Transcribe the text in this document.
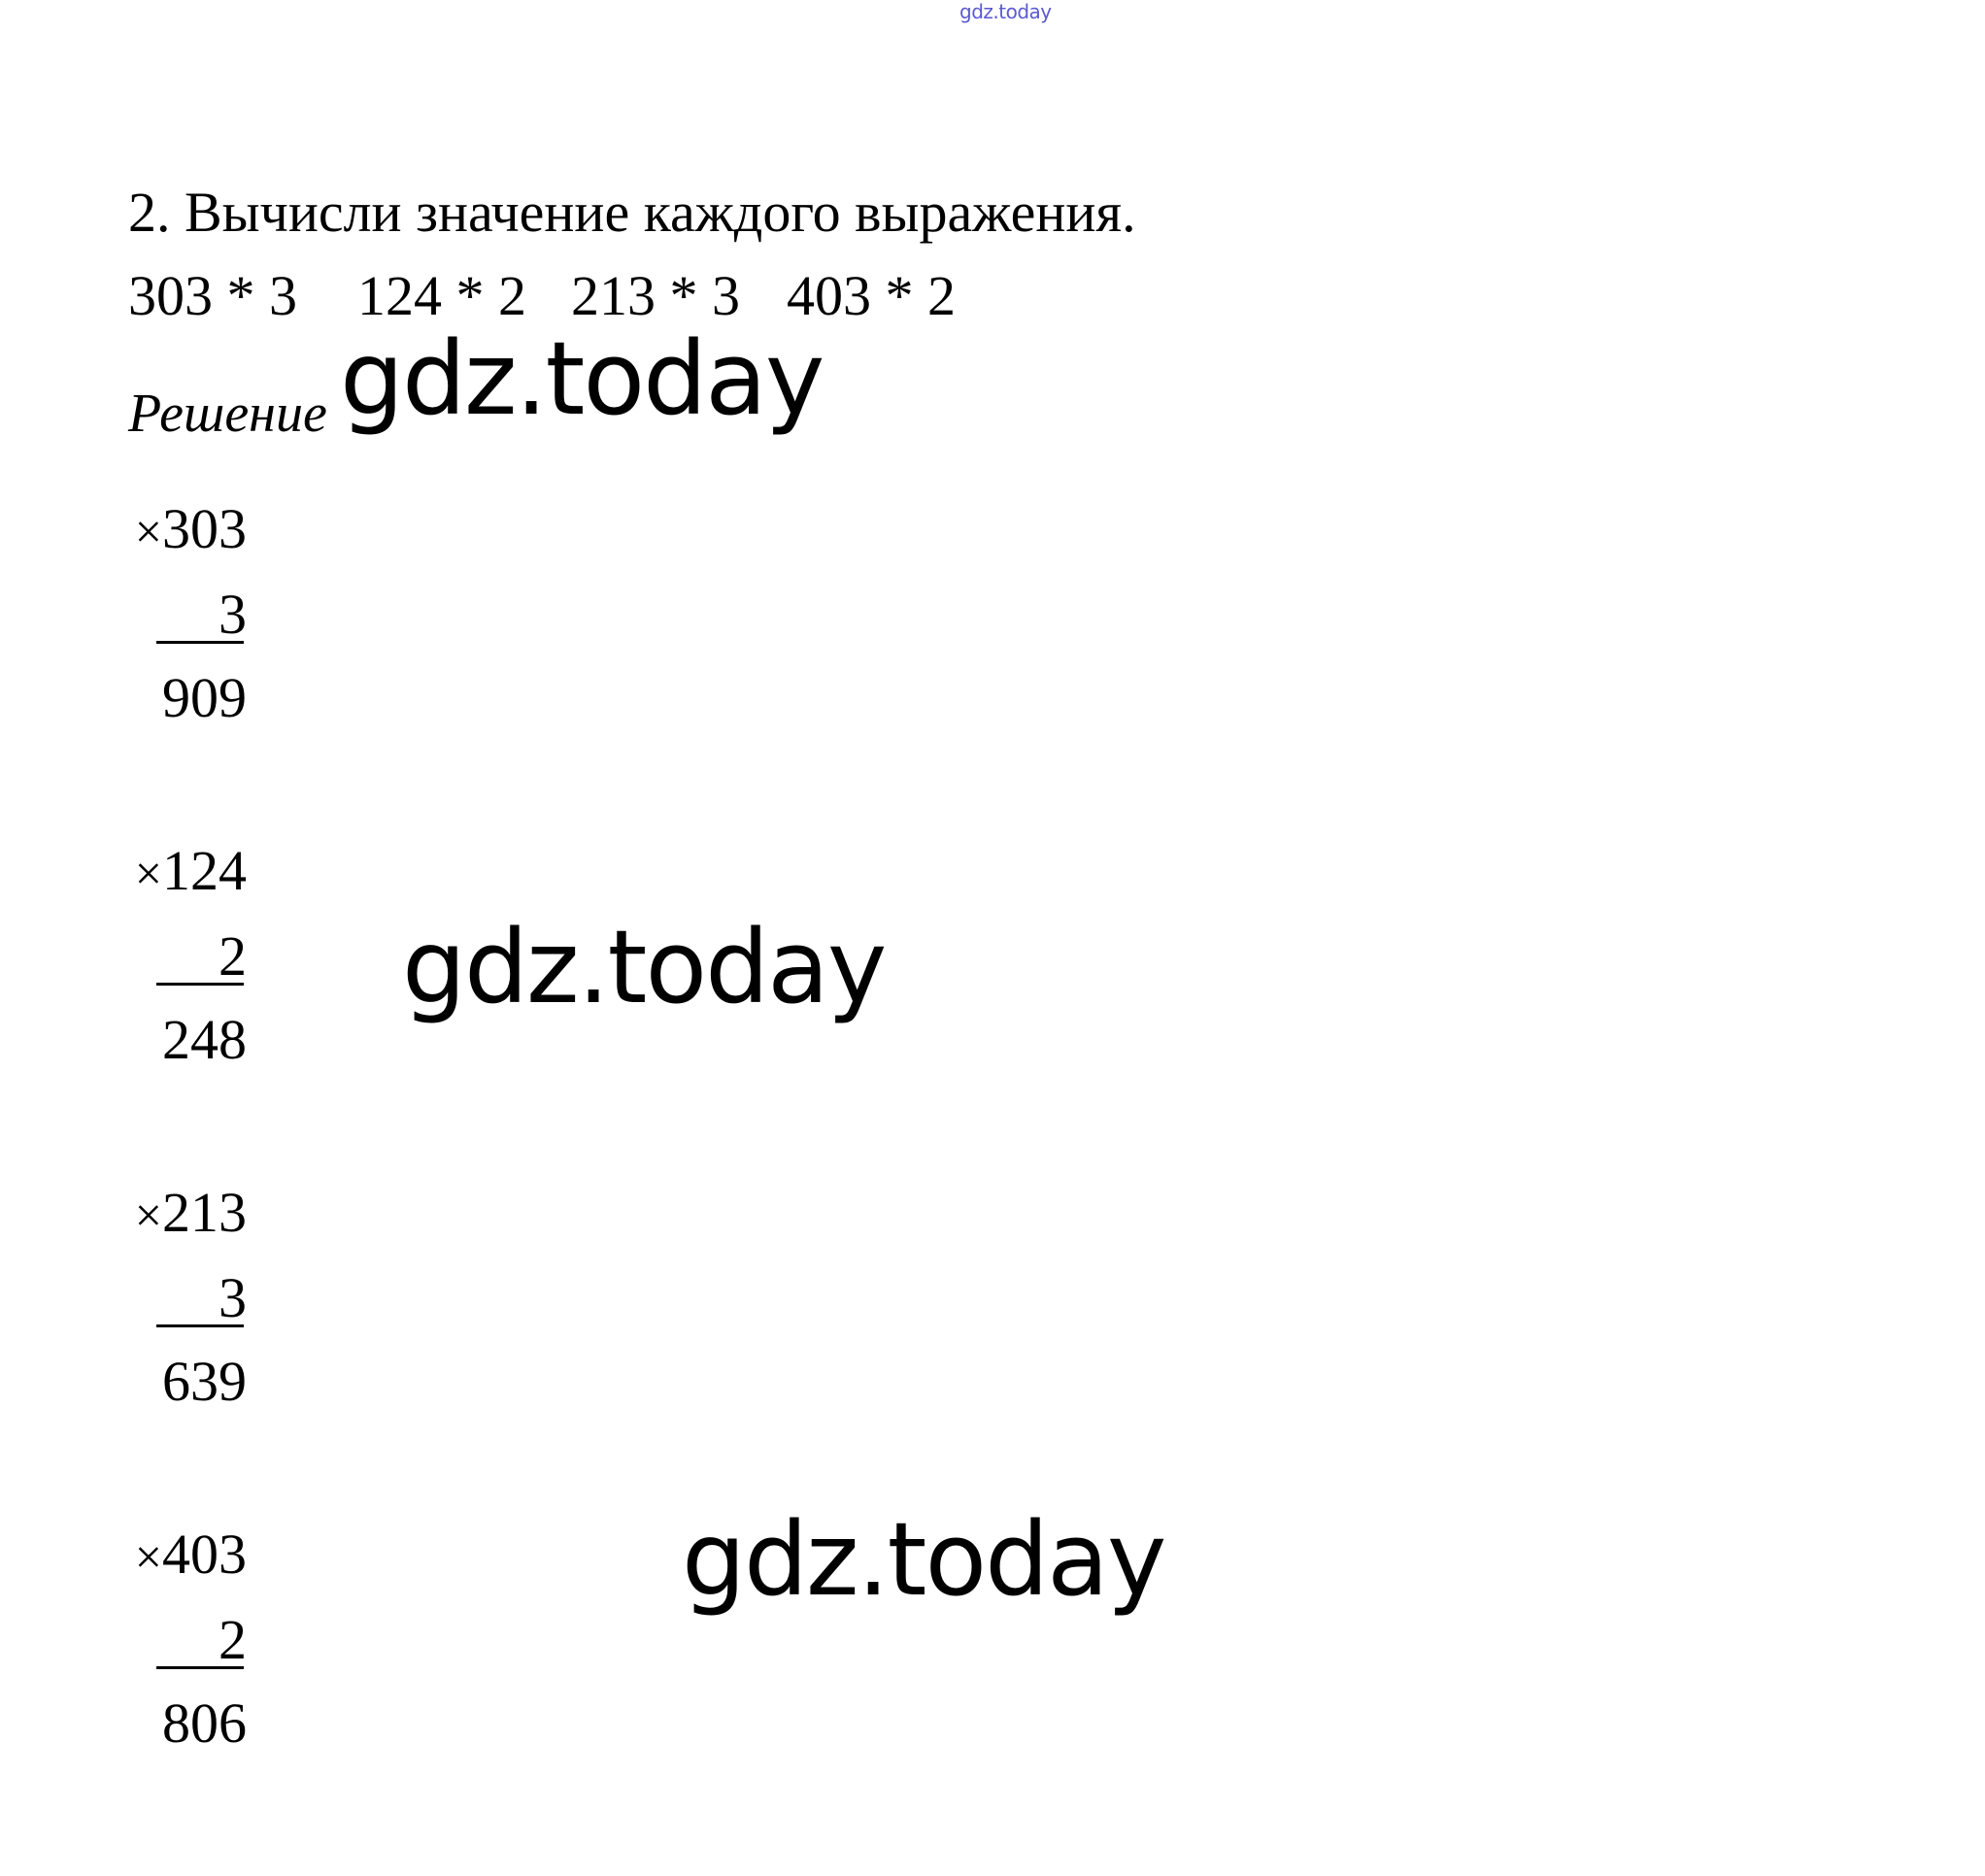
gdz.today
2. Вычисли значение каждого выражения.
303 * 3 124 * 2 213 * 3 403 * 2
Решение gdz.today
gdz.today
gdz.today
×303
3
909
×124
2
248
×213
3
639
×403
2
806
